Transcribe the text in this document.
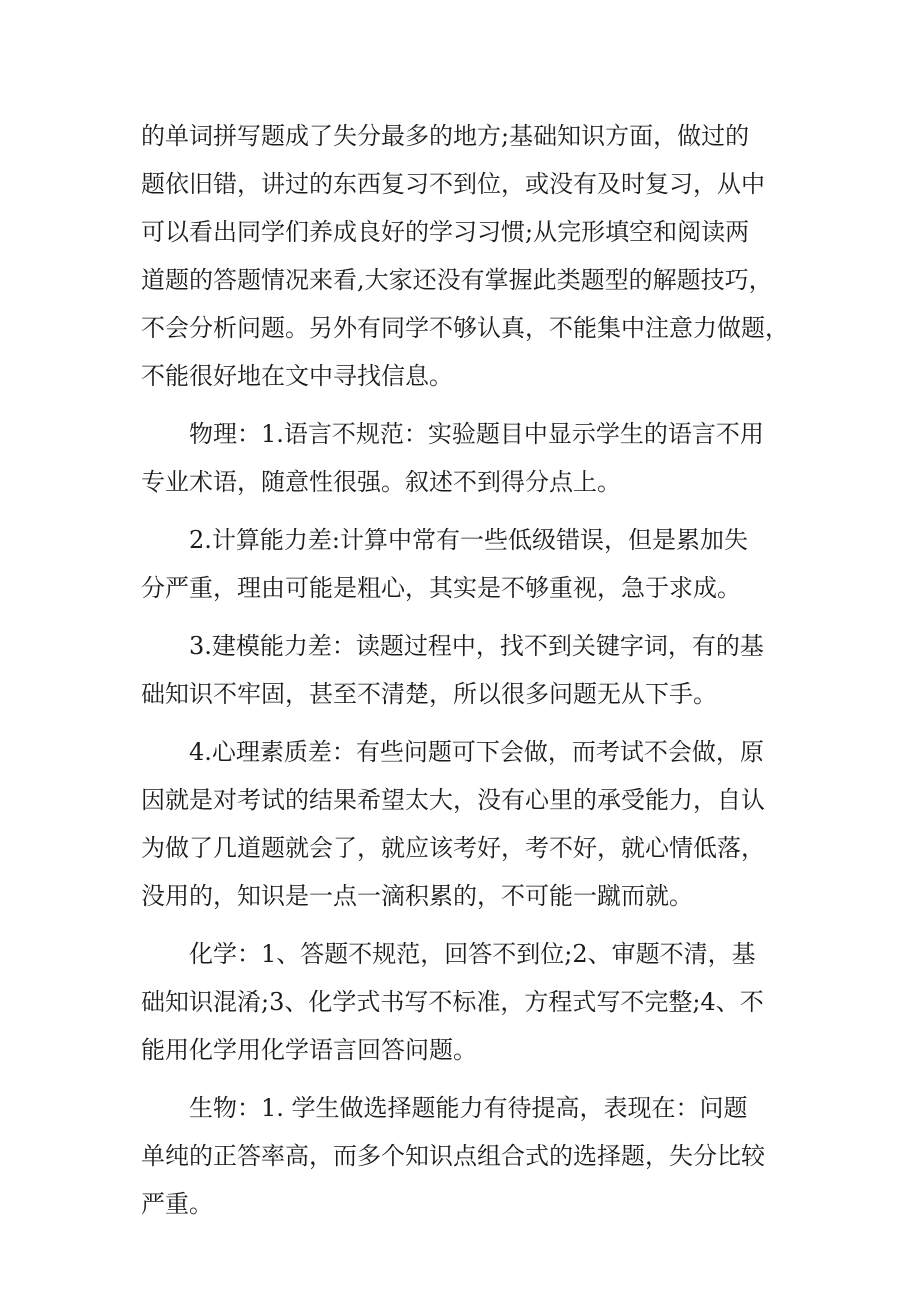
的单词拼写题成了失分最多的地方;基础知识方面，做过的
题依旧错，讲过的东西复习不到位，或没有及时复习，从中
可以看出同学们养成良好的学习习惯;从完形填空和阅读两
道题的答题情况来看,大家还没有掌握此类题型的解题技巧，
不会分析问题。另外有同学不够认真，不能集中注意力做题，
不能很好地在文中寻找信息。
物理：1.语言不规范：实验题目中显示学生的语言不用
专业术语，随意性很强。叙述不到得分点上。
2.计算能力差:计算中常有一些低级错误，但是累加失
分严重，理由可能是粗心，其实是不够重视，急于求成。
3.建模能力差：读题过程中，找不到关键字词，有的基
础知识不牢固，甚至不清楚，所以很多问题无从下手。
4.心理素质差：有些问题可下会做，而考试不会做，原
因就是对考试的结果希望太大，没有心里的承受能力，自认
为做了几道题就会了，就应该考好，考不好，就心情低落，
没用的，知识是一点一滴积累的，不可能一蹴而就。
化学：1、答题不规范，回答不到位;2、审题不清，基
础知识混淆;3、化学式书写不标准，方程式写不完整;4、不
能用化学用化学语言回答问题。
生物：1. 学生做选择题能力有待提高，表现在：问题
单纯的正答率高，而多个知识点组合式的选择题，失分比较
严重。
